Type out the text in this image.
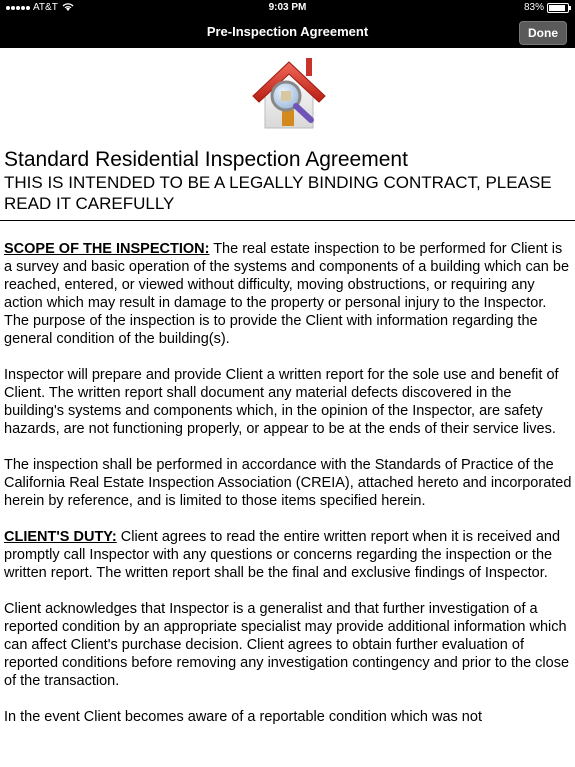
AT&T	9:03 PM	83%
Pre-Inspection Agreement	Done
Standard Residential Inspection Agreement
THIS IS INTENDED TO BE A LEGALLY BINDING CONTRACT, PLEASE READ IT CAREFULLY

SCOPE OF THE INSPECTION: The real estate inspection to be performed for Client is a survey and basic operation of the systems and components of a building which can be reached, entered, or viewed without difficulty, moving obstructions, or requiring any action which may result in damage to the property or personal injury to the Inspector. The purpose of the inspection is to provide the Client with information regarding the general condition of the building(s).

Inspector will prepare and provide Client a written report for the sole use and benefit of Client. The written report shall document any material defects discovered in the building's systems and components which, in the opinion of the Inspector, are safety hazards, are not functioning properly, or appear to be at the ends of their service lives.

The inspection shall be performed in accordance with the Standards of Practice of the California Real Estate Inspection Association (CREIA), attached hereto and incorporated herein by reference, and is limited to those items specified herein.

CLIENT'S DUTY: Client agrees to read the entire written report when it is received and promptly call Inspector with any questions or concerns regarding the inspection or the written report. The written report shall be the final and exclusive findings of Inspector.

Client acknowledges that Inspector is a generalist and that further investigation of a reported condition by an appropriate specialist may provide additional information which can affect Client's purchase decision. Client agrees to obtain further evaluation of reported conditions before removing any investigation contingency and prior to the close of the transaction.

In the event Client becomes aware of a reportable condition which was not
